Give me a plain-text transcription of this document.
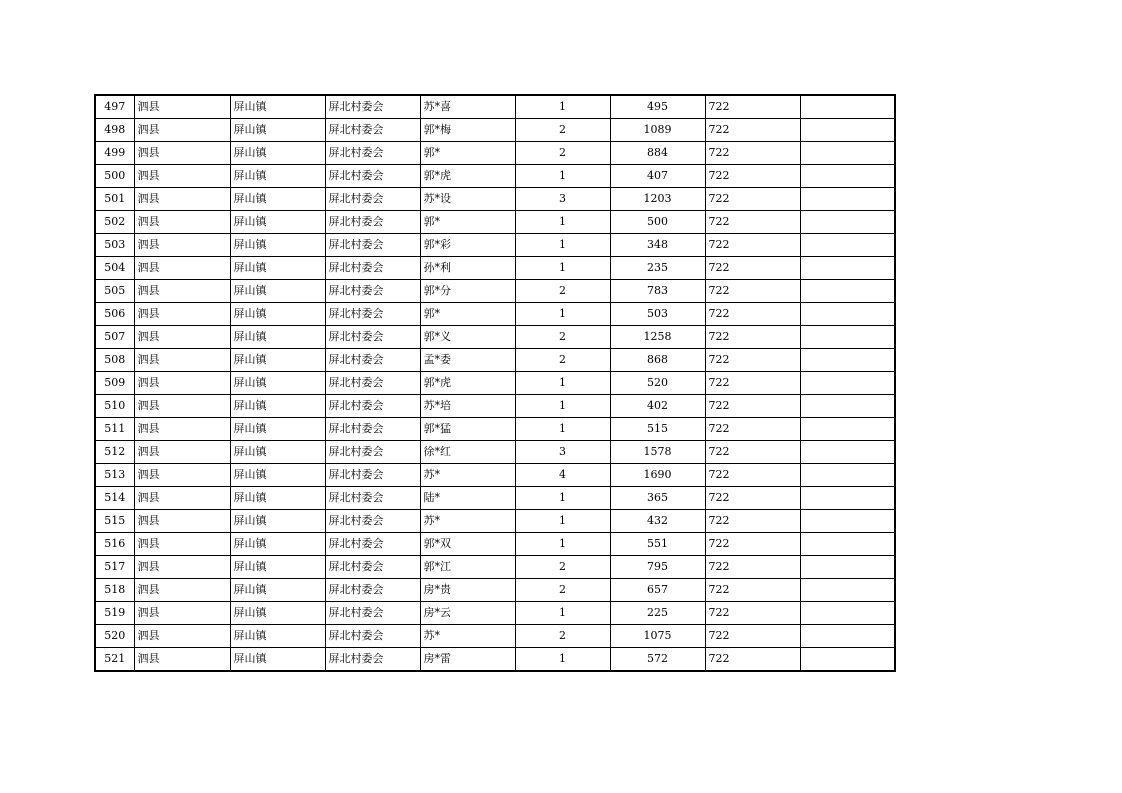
497	泗县	屏山镇	屏北村委会	苏*喜	1	495	722	
498	泗县	屏山镇	屏北村委会	郭*梅	2	1089	722	
499	泗县	屏山镇	屏北村委会	郭*	2	884	722	
500	泗县	屏山镇	屏北村委会	郭*虎	1	407	722	
501	泗县	屏山镇	屏北村委会	苏*设	3	1203	722	
502	泗县	屏山镇	屏北村委会	郭*	1	500	722	
503	泗县	屏山镇	屏北村委会	郭*彩	1	348	722	
504	泗县	屏山镇	屏北村委会	孙*利	1	235	722	
505	泗县	屏山镇	屏北村委会	郭*分	2	783	722	
506	泗县	屏山镇	屏北村委会	郭*	1	503	722	
507	泗县	屏山镇	屏北村委会	郭*义	2	1258	722	
508	泗县	屏山镇	屏北村委会	孟*委	2	868	722	
509	泗县	屏山镇	屏北村委会	郭*虎	1	520	722	
510	泗县	屏山镇	屏北村委会	苏*培	1	402	722	
511	泗县	屏山镇	屏北村委会	郭*猛	1	515	722	
512	泗县	屏山镇	屏北村委会	徐*红	3	1578	722	
513	泗县	屏山镇	屏北村委会	苏*	4	1690	722	
514	泗县	屏山镇	屏北村委会	陆*	1	365	722	
515	泗县	屏山镇	屏北村委会	苏*	1	432	722	
516	泗县	屏山镇	屏北村委会	郭*双	1	551	722	
517	泗县	屏山镇	屏北村委会	郭*江	2	795	722	
518	泗县	屏山镇	屏北村委会	房*贵	2	657	722	
519	泗县	屏山镇	屏北村委会	房*云	1	225	722	
520	泗县	屏山镇	屏北村委会	苏*	2	1075	722	
521	泗县	屏山镇	屏北村委会	房*雷	1	572	722	
